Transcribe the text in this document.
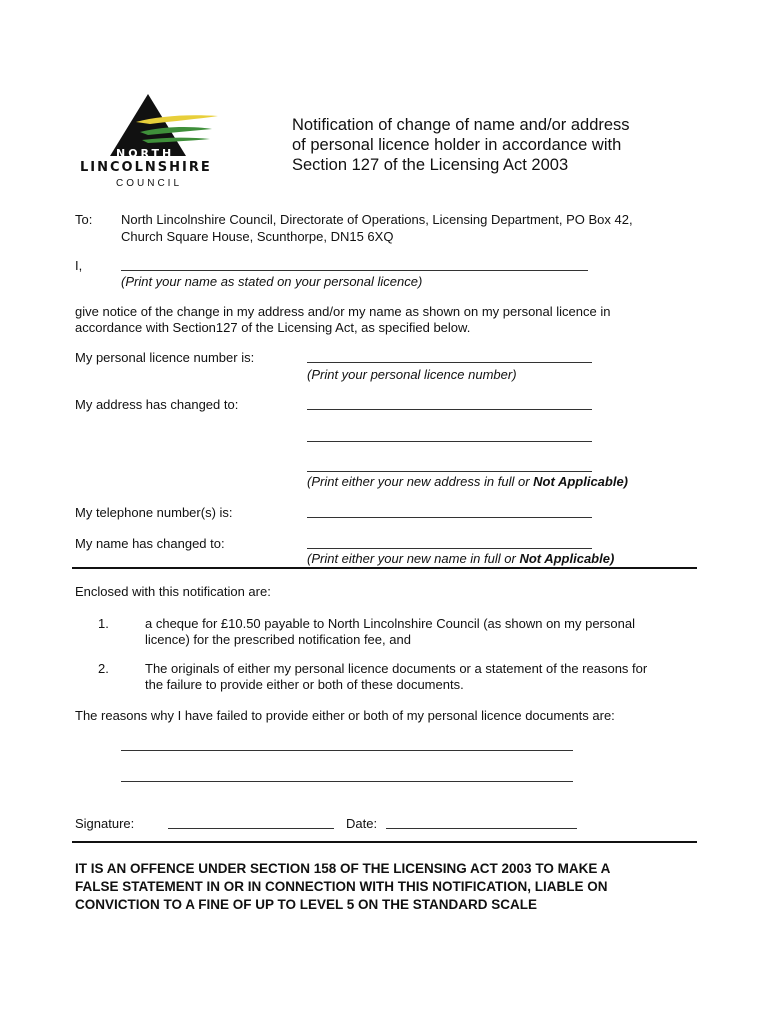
NORTH
LINCOLNSHIRE
COUNCIL
Notification of change of name and/or address
of personal licence holder in accordance with
Section 127 of the Licensing Act 2003
To: North Lincolnshire Council, Directorate of Operations, Licensing Department, PO Box 42,
Church Square House, Scunthorpe, DN15 6XQ
I,
(Print your name as stated on your personal licence)
give notice of the change in my address and/or my name as shown on my personal licence in
accordance with Section127 of the Licensing Act, as specified below.
My personal licence number is:
(Print your personal licence number)
My address has changed to:
(Print either your new address in full or Not Applicable)
My telephone number(s) is:
My name has changed to:
(Print either your new name in full or Not Applicable)
Enclosed with this notification are:
1.	a cheque for £10.50 payable to North Lincolnshire Council (as shown on my personal
licence) for the prescribed notification fee, and
2.	The originals of either my personal licence documents or a statement of the reasons for
the failure to provide either or both of these documents.
The reasons why I have failed to provide either or both of my personal licence documents are:
Signature:	Date:
IT IS AN OFFENCE UNDER SECTION 158 OF THE LICENSING ACT 2003 TO MAKE A
FALSE STATEMENT IN OR IN CONNECTION WITH THIS NOTIFICATION, LIABLE ON
CONVICTION TO A FINE OF UP TO LEVEL 5 ON THE STANDARD SCALE
